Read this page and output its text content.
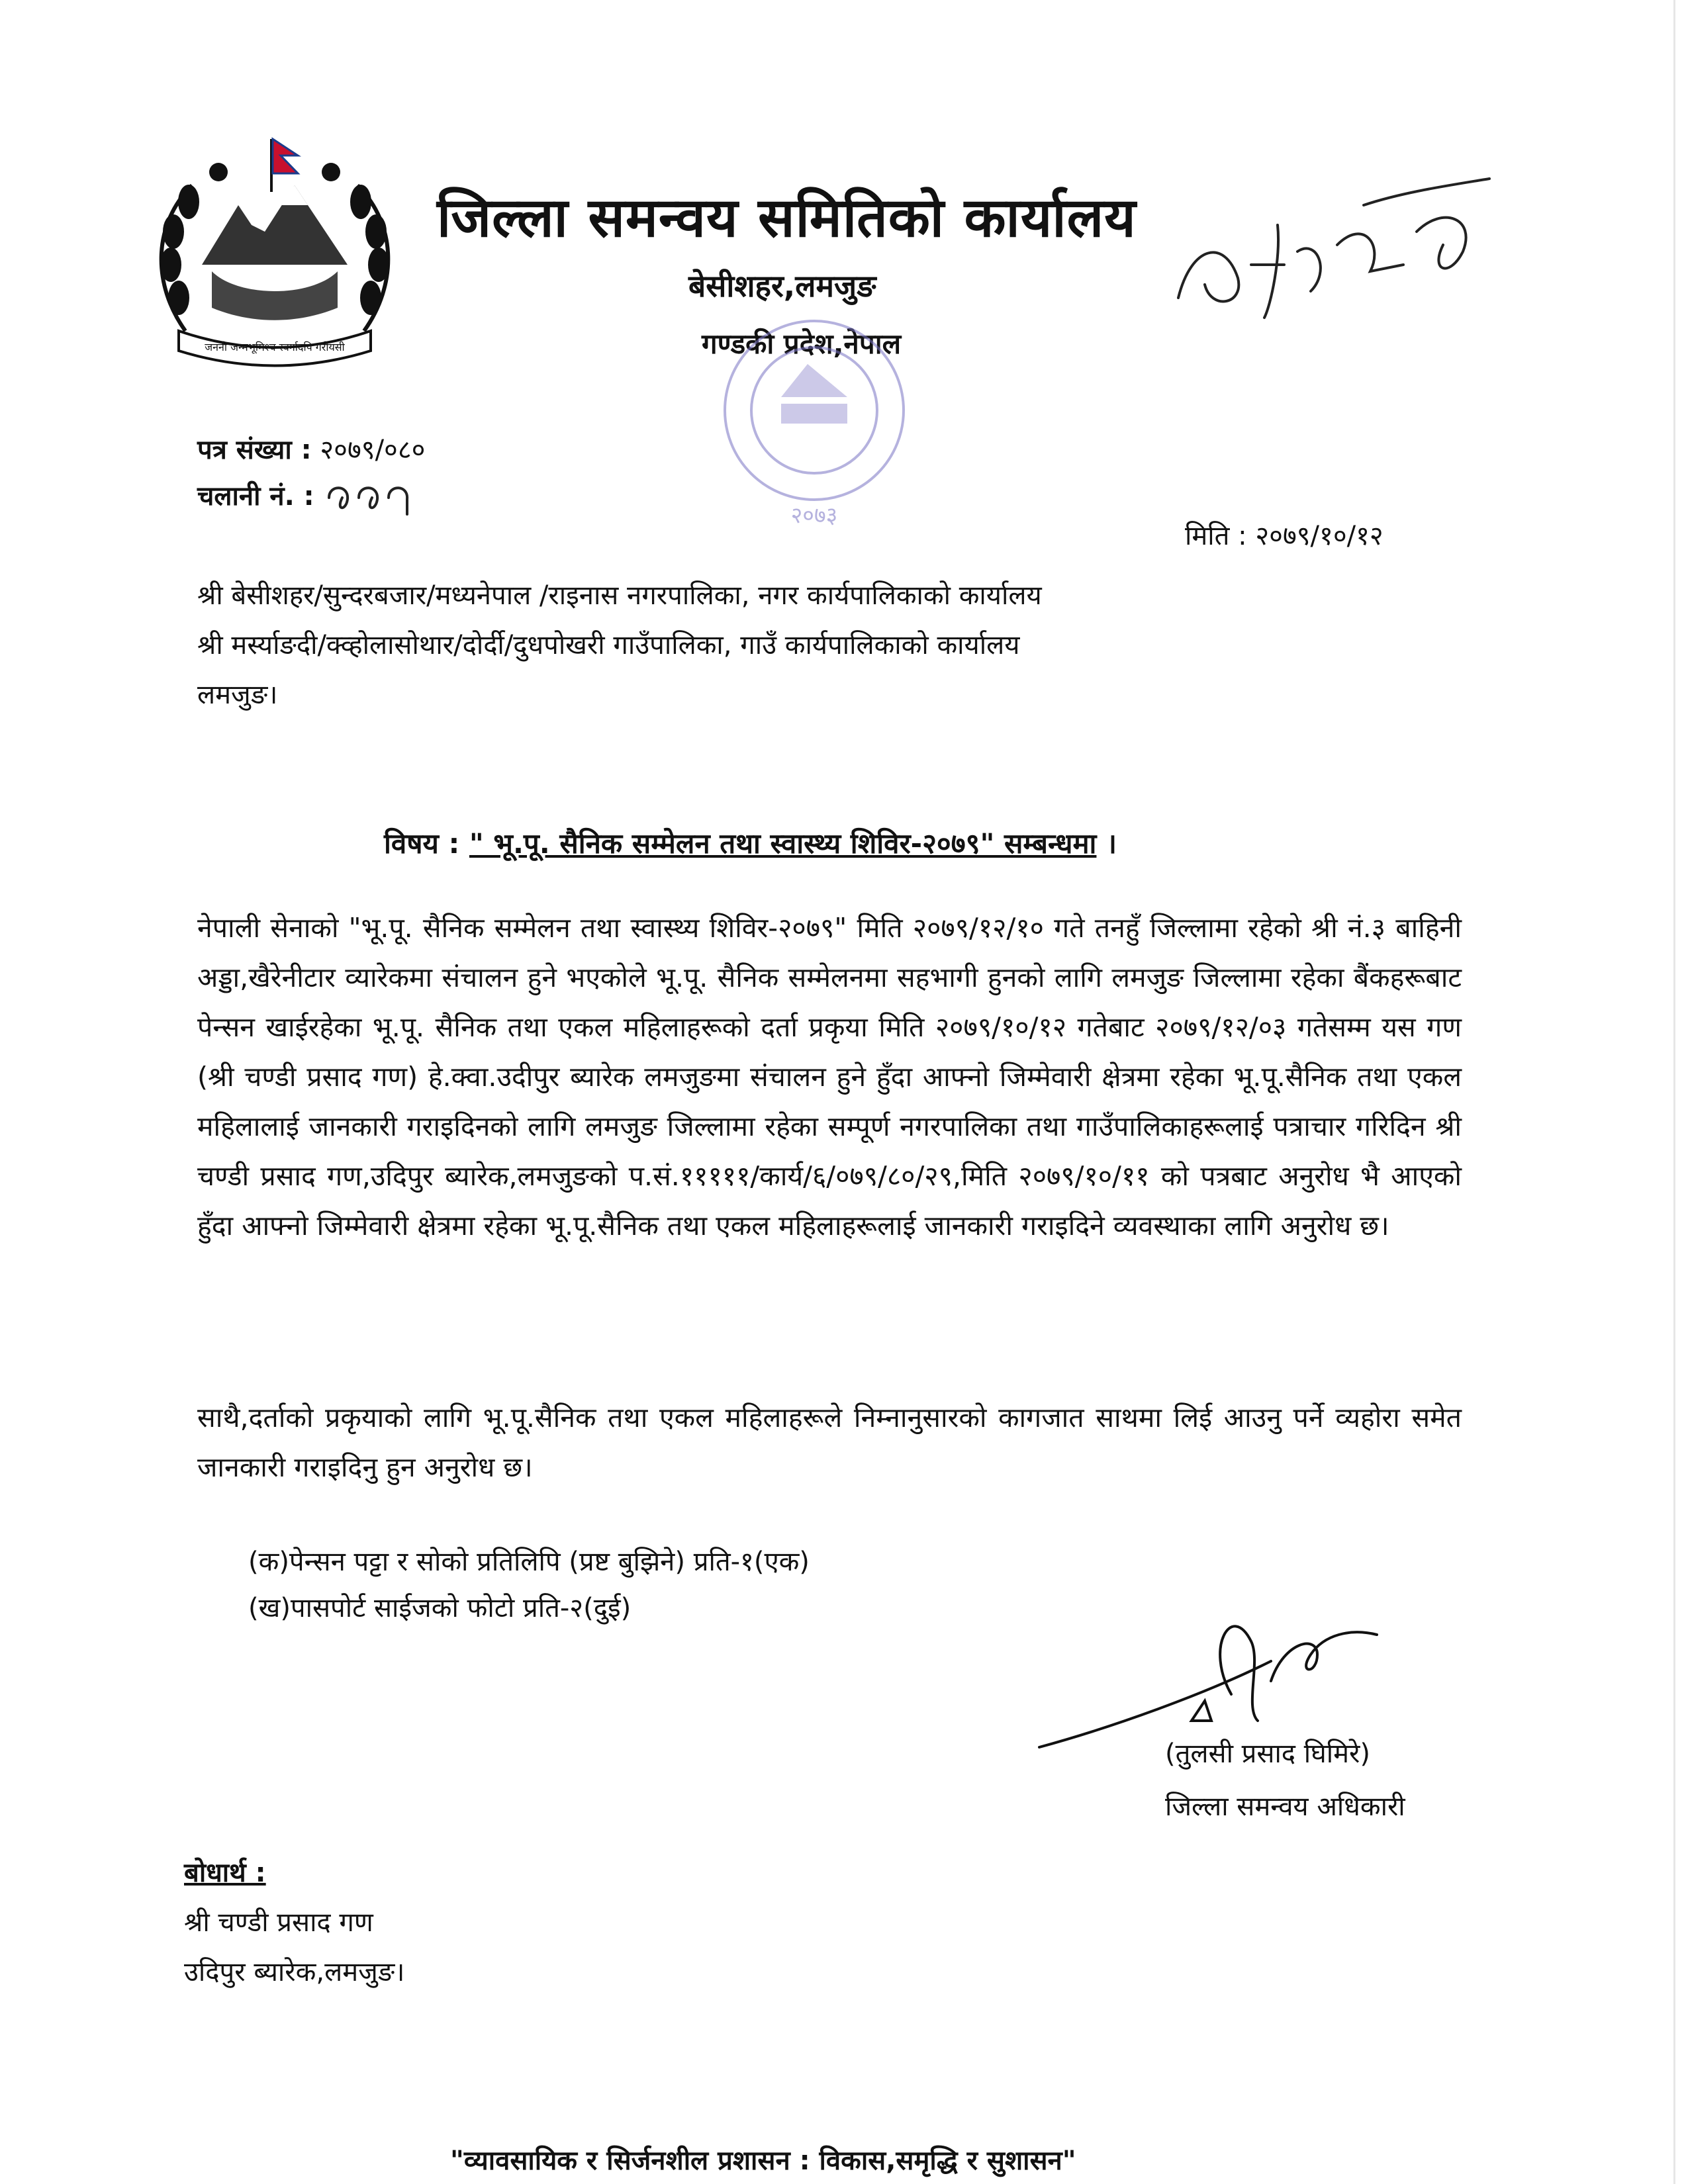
जननी जन्मभूमिश्च स्वर्गादपि गरीयसी
जिल्ला समन्वय समितिको कार्यालय
बेसीशहर,लमजुङ
गण्डकी प्रदेश,नेपाल
२०७३
पत्र संख्या : २०७९/०८०
चलानी नं. :
मिति : २०७९/१०/१२
श्री बेसीशहर/सुन्दरबजार/मध्यनेपाल /राइनास नगरपालिका, नगर कार्यपालिकाको कार्यालय
श्री मर्स्याङदी/क्व्होलासोथार/दोर्दी/दुधपोखरी गाउँपालिका, गाउँ कार्यपालिकाको कार्यालय
लमजुङ।
विषय : " भू.पू. सैनिक सम्मेलन तथा स्वास्थ्य शिविर-२०७९" सम्बन्धमा ।
नेपाली सेनाको "भू.पू. सैनिक सम्मेलन तथा स्वास्थ्य शिविर-२०७९" मिति २०७९/१२/१० गते तनहुँ जिल्लामा रहेको श्री नं.३ बाहिनी अड्डा,खैरेनीटार व्यारेकमा संचालन हुने भएकोले भू.पू. सैनिक सम्मेलनमा सहभागी हुनको लागि लमजुङ जिल्लामा रहेका बैंकहरूबाट पेन्सन खाईरहेका भू.पू. सैनिक तथा एकल महिलाहरूको दर्ता प्रकृया मिति २०७९/१०/१२ गतेबाट २०७९/१२/०३ गतेसम्म यस गण (श्री चण्डी प्रसाद गण) हे.क्वा.उदीपुर ब्यारेक लमजुङमा संचालन हुने हुँदा आफ्नो जिम्मेवारी क्षेत्रमा रहेका भू.पू.सैनिक तथा एकल महिलालाई जानकारी गराइदिनको लागि लमजुङ जिल्लामा रहेका सम्पूर्ण नगरपालिका तथा गाउँपालिकाहरूलाई पत्राचार गरिदिन श्री चण्डी प्रसाद गण,उदिपुर ब्यारेक,लमजुङको प.सं.१११११/कार्य/६/०७९/८०/२९,मिति २०७९/१०/११ को पत्रबाट अनुरोध भै आएको हुँदा आफ्नो जिम्मेवारी क्षेत्रमा रहेका भू.पू.सैनिक तथा एकल महिलाहरूलाई जानकारी गराइदिने व्यवस्थाका लागि अनुरोध छ।
साथै,दर्ताको प्रकृयाको लागि भू.पू.सैनिक तथा एकल महिलाहरूले निम्नानुसारको कागजात साथमा लिई आउनु पर्ने व्यहोरा समेत जानकारी गराइदिनु हुन अनुरोध छ।
(क)पेन्सन पट्टा र सोको प्रतिलिपि (प्रष्ट बुझिने) प्रति-१(एक)
(ख)पासपोर्ट साईजको फोटो प्रति-२(दुई)
(तुलसी प्रसाद घिमिरे)
जिल्ला समन्वय अधिकारी
बोधार्थ :
श्री चण्डी प्रसाद गण
उदिपुर ब्यारेक,लमजुङ।
"व्यावसायिक र सिर्जनशील प्रशासन : विकास,समृद्धि र सुशासन"
